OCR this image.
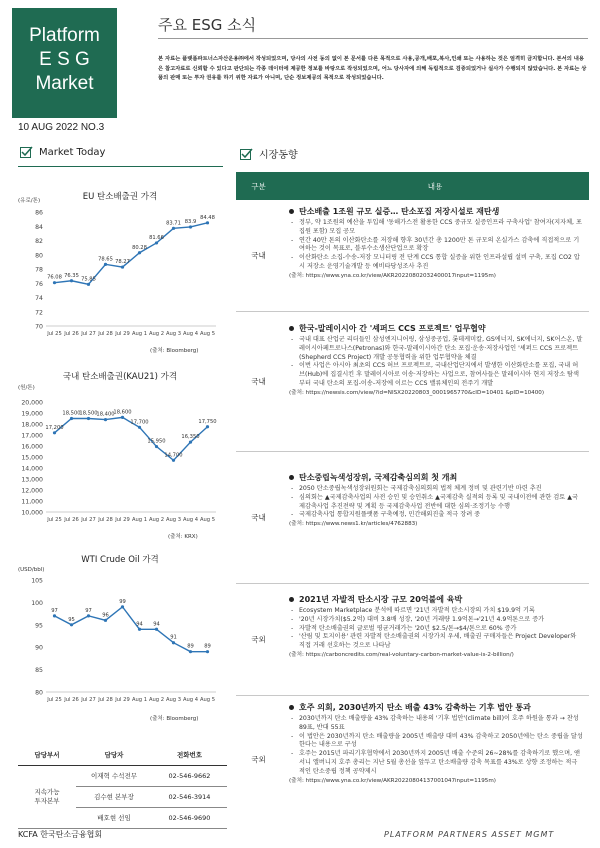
Platform
E S G
Market
10 AUG 2022 NO.3
주요 ESG 소식
본 자료는 플랫폼파트너스자산운용㈜에서 작성되었으며, 당사의 사전 동의 없이 본 문서를 다른 목적으로 사용,공개,배포,복사,인쇄 또는 사용하는 것은 엄격히 금지합니다. 본서의 내용은 참고자료로 신뢰할 수 있다고 판단되는 각종 데이터에 제공한 정보를 바탕으로 작성되었으며, 어느 당사자에 의해 독립적으로 검증되었거나 실사가 수행되지 않았습니다. 본 자료는 상품의 판매 또는 투자 권유를 하기 위한 자료가 아니며, 단순 정보제공의 목적으로 작성되었습니다.
Market Today	시장동향
EU 탄소배출권 가격
(유로/톤)
70
72
74
76
78
80
82
84
86
Jul 25 Jul 26 Jul 27 Jul 28 Jul 29 Aug 1 Aug 2 Aug 3 Aug 4 Aug 5
76.08 76.35
75.85
78.65 78.27
80.28
81.66
83.71 83.9
84.48
(출처: Bloomberg)
국내 탄소배출권(KAU21) 가격
(원/톤)
10,000
11,000
12,000
13,000
14,000
15,000
16,000
17,000
18,000
19,000
20,000
Jul 25 Jul 26 Jul 27 Jul 28 Jul 29 Aug 1 Aug 2 Aug 3 Aug 4 Aug 5
17,200
18,500
18,500
18,400
18,600
17,700
15,950
14,700
16,350
17,750
(출처: KRX)
WTI Crude Oil 가격
(USD/bbl)
80
85
90
95
100
105
Jul 25 Jul 26 Jul 27 Jul 28 Jul 29 Aug 1 Aug 2 Aug 3 Aug 4 Aug 5
97
95
97
96
99
94 94
91
89 89
(출처: Bloomberg)
구분	내용
국내
탄소배출 1조원 규모 실증… 탄소포집 저장시설로 재탄생
- 정부, 약 1조원의 예산을 투입해 '동해가스전 활용한 CCS 중규모 실증인프라 구축사업' 참여자(지자체, 포집원 포함) 모집 공모
- 연간 40만 톤의 이산화탄소를 저장해 향후 30년간 총 1200만 톤 규모의 온실가스 감축에 직접적으로 기여하는 것이 목표로, 블루수소생산단업으로 확장
- 이산화탄소 소집-수송-저장 모니터링 전 단계 CCS 통합 실증을 위한 인프라설립 설비 구축, 포집 CO2 압시 저장소 운영기술개발 등 예비타당성조사 추진
(출처: https://www.yna.co.kr/view/AKR20220802032400017input=1195m)
국내
한국-말레이시아 간 '셰퍼드 CCS 프로젝트' 업무협약
- 국내 대표 산업군 리더들인 삼성엔지니어링, 삼성중공업, 롯데케미칼, GS에너지, SK에너지, SK어스온, 말레이시아페트로나스(Petronas)와 한국-말레이시아간 탄소 포집·운송·저장사업인 '셰퍼드 CCS 프로젝트(Shepherd CCS Project) 개발 공동협력을 위한 업무협약을 체결
- 이번 사업은 아시아 최초의 CCS 허브 프로젝트로, 국내산업단지에서 발생한 이산화탄소를 포집, 국내 허브(Hub)에 집결시킨 후 말레이시아로 이송·저장하는 사업으로, 참여사들은 말레이시아 현지 저장소 탐색부터 국내 탄소의 포집-이송-저장에 이르는 CCS 밸류체인의 전주기 개발
(출처: https://newsis.com/view/?id=NISX20220803_0001965770&cID=10401 &pID=10400)
국내
탄소중립녹색성장위, 국제감축심의회 첫 개최
- 2050 탄소중립녹색성장위원회는 국제감축심의회의 법적 체계 정비 및 관련기반 마련 추진
- 심의회는 ▲국제감축사업의 사전 승인 및 승인취소 ▲국제감축 실적의 등록 및 국내이전에 관한 검토 ▲국제감축사업 추진전략 및 계획 등 국제감축사업 전반에 대한 심의·조정기능 수행
- 국제감축사업 통합지원플랫폼 구축예정, 민간해외진출 적극 장려 중
(출처: https://www.news1.kr/articles/4762883)
국외
2021년 자발적 탄소시장 규모 20억불에 육박
- Ecosystem Marketplace 분석에 따르면 '21년 자발적 탄소시장의 가치 $19.9억 기록
- '20년 시장가치($5.2억) 대비 3.8배 성장, '20년 거래량 1.9억톤→'21년 4.9억톤으로 증가
- 자발적 탄소배출권의 글로벌 평균거래가는 '20년 $2.5/톤→$4/톤으로 60% 증가
- '산림 및 토지이용' 관련 자발적 탄소배출권의 시장가치 우세, 배출권 구매자들은 Project Developer와 직접 거래 선호하는 것으로 나타남
(출처: https://carboncredits.com/real-voluntary-carbon-market-value-is-2-billion/)
국외
호주 의회, 2030년까지 탄소 배출 43% 감축하는 기후 법안 통과
- 2030년까지 탄소 배출량을 43% 감축하는 내용의 '기후 법안'(climate bill)이 호주 하원을 통과 → 찬성 89표, 반대 55표
- 이 법안은 2030년까지 탄소 배출량을 2005년 배출량 대비 43% 감축하고 2050년에는 탄소 중립을 달성한다는 내용으로 구성
- 호주는 2015년 파리기후협약에서 2030년까지 2005년 배출 수준의 26∼28%를 감축하기로 했으며, 앤서니 앨버니지 호주 총리는 지난 5월 총선을 앞두고 탄소배출량 감축 목표를 43%로 상향 조정하는 적극적인 탄소중립 정책 공약제시
(출처: https://www.yna.co.kr/view/AKR20220804137001047input=1195m)
담당부서	담당자	전화번호
지속가능
투자본부	이재혁 수석전무	02-546-9662
	김수현 본부장	02-546-3914
	배호현 선임	02-546-9690
KCFA 한국탄소금융협회	PLATFORM PARTNERS ASSET MGMT
